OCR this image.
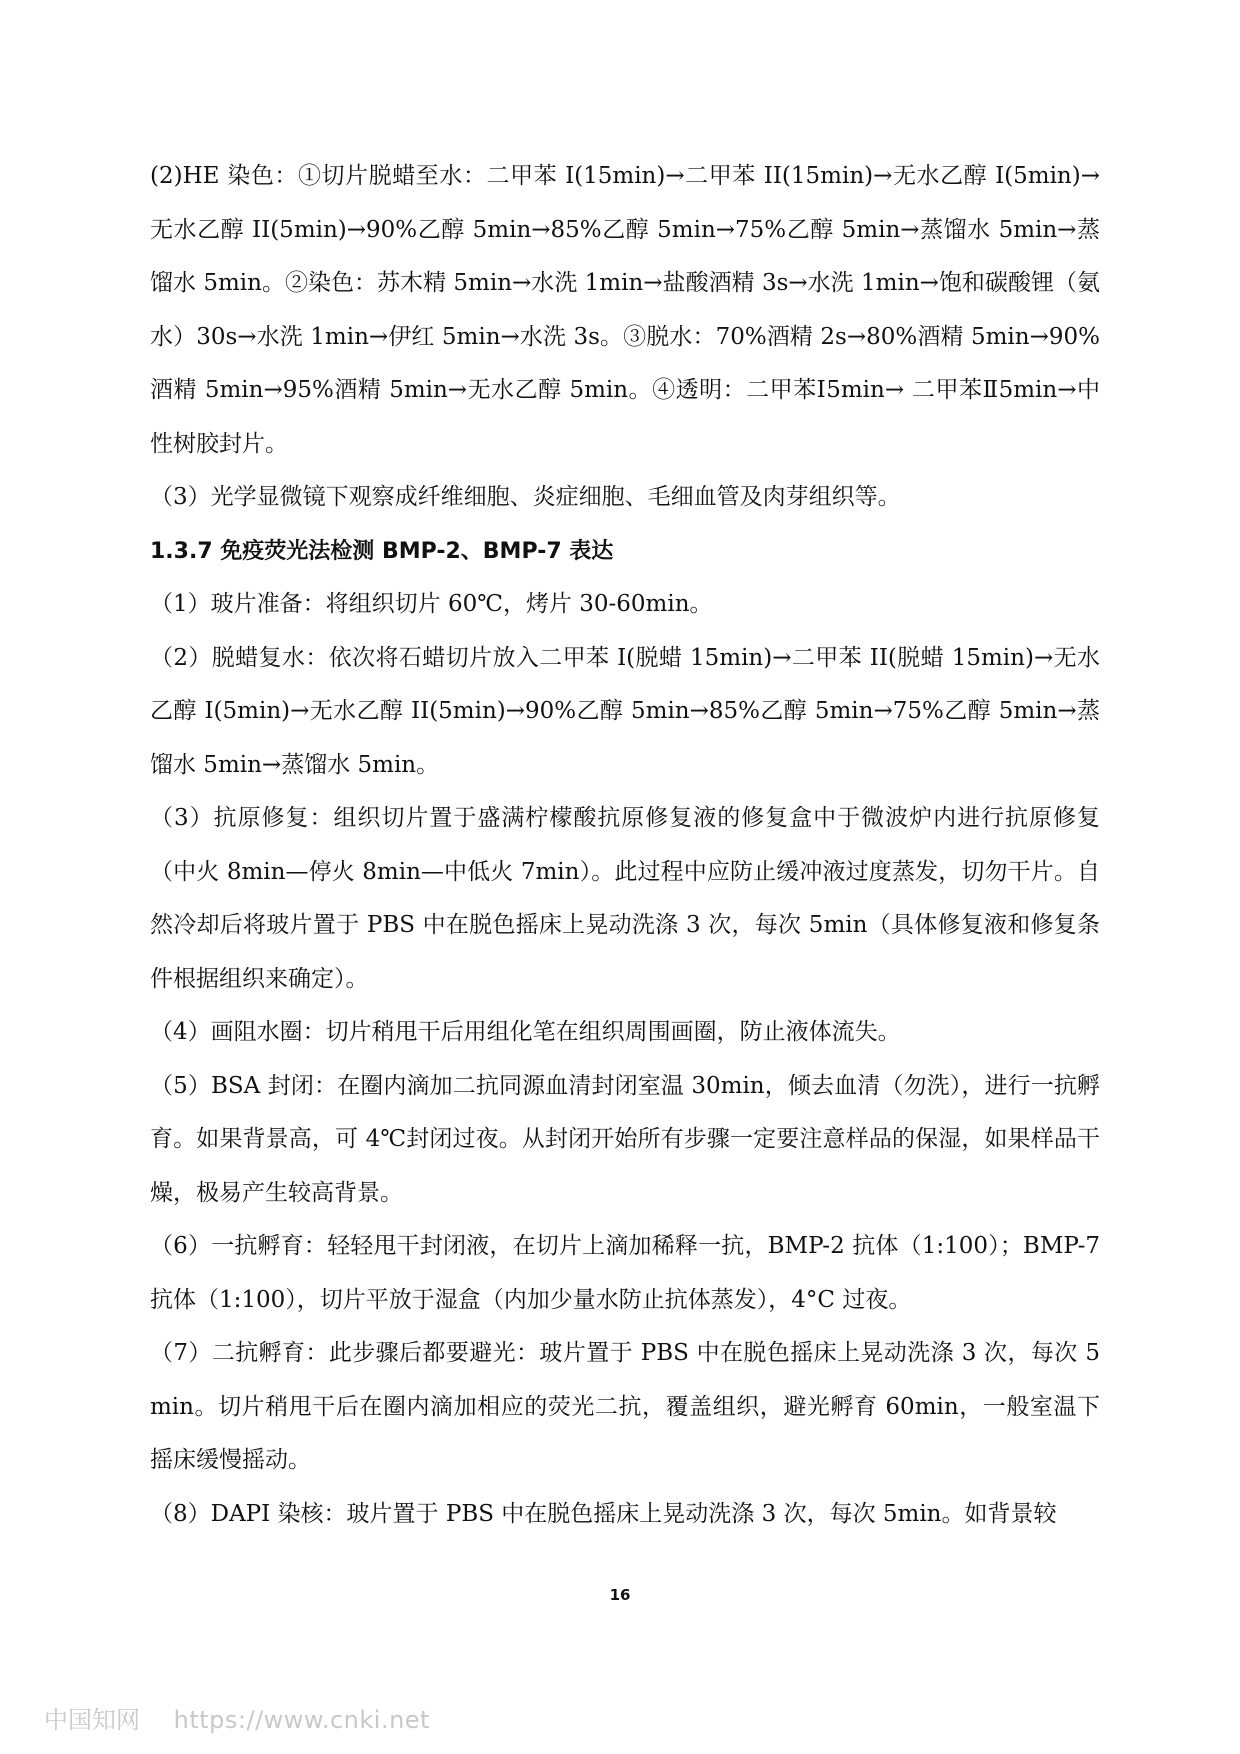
(2)HE 染色：①切片脱蜡至水：二甲苯 I(15min)→二甲苯 II(15min)→无水乙醇 I(5min)→无水乙醇 II(5min)→90%乙醇 5min→85%乙醇 5min→75%乙醇 5min→蒸馏水 5min→蒸馏水 5min。②染色：苏木精 5min→水洗 1min→盐酸酒精 3s→水洗 1min→饱和碳酸锂（氨水）30s→水洗 1min→伊红 5min→水洗 3s。③脱水：70%酒精 2s→80%酒精 5min→90%酒精 5min→95%酒精 5min→无水乙醇 5min。④透明：二甲苯Ⅰ5min→ 二甲苯Ⅱ5min→中性树胶封片。

（3）光学显微镜下观察成纤维细胞、炎症细胞、毛细血管及肉芽组织等。

1.3.7 免疫荧光法检测 BMP-2、BMP-7 表达

（1）玻片准备：将组织切片 60℃，烤片 30-60min。

（2）脱蜡复水：依次将石蜡切片放入二甲苯 I(脱蜡 15min)→二甲苯 II(脱蜡 15min)→无水乙醇 I(5min)→无水乙醇 II(5min)→90%乙醇 5min→85%乙醇 5min→75%乙醇 5min→蒸馏水 5min→蒸馏水 5min。

（3）抗原修复：组织切片置于盛满柠檬酸抗原修复液的修复盒中于微波炉内进行抗原修复（中火 8min—停火 8min—中低火 7min）。此过程中应防止缓冲液过度蒸发，切勿干片。自然冷却后将玻片置于 PBS 中在脱色摇床上晃动洗涤 3 次，每次 5min（具体修复液和修复条件根据组织来确定）。

（4）画阻水圈：切片稍甩干后用组化笔在组织周围画圈，防止液体流失。

（5）BSA 封闭：在圈内滴加二抗同源血清封闭室温 30min，倾去血清（勿洗），进行一抗孵育。如果背景高，可 4℃封闭过夜。从封闭开始所有步骤一定要注意样品的保湿，如果样品干燥，极易产生较高背景。

（6）一抗孵育：轻轻甩干封闭液，在切片上滴加稀释一抗，BMP-2 抗体（1:100）；BMP-7 抗体（1:100），切片平放于湿盒（内加少量水防止抗体蒸发），4°C 过夜。

（7）二抗孵育：此步骤后都要避光：玻片置于 PBS 中在脱色摇床上晃动洗涤 3 次，每次 5min。切片稍甩干后在圈内滴加相应的荧光二抗，覆盖组织，避光孵育 60min，一般室温下摇床缓慢摇动。

（8）DAPI 染核：玻片置于 PBS 中在脱色摇床上晃动洗涤 3 次，每次 5min。如背景较

16
中国知网 https://www.cnki.net
